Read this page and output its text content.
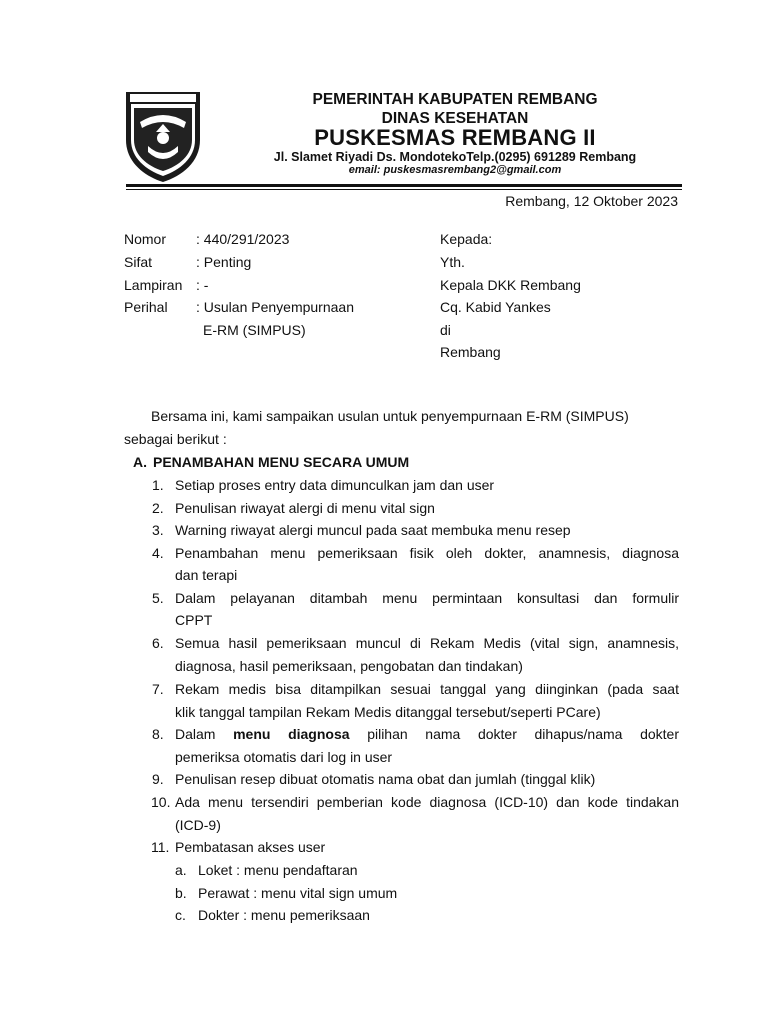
PEMERINTAH KABUPATEN REMBANG
DINAS KESEHATAN
PUSKESMAS REMBANG II
Jl. Slamet Riyadi Ds. MondotekoTelp.(0295) 691289 Rembang
email: puskesmasrembang2@gmail.com
Rembang, 12 Oktober 2023
Nomor : 440/291/2023
Sifat	: Penting
Lampiran : -
Perihal : Usulan Penyempurnaan
E-RM (SIMPUS)
Kepada:
Yth.
Kepala DKK Rembang
Cq. Kabid Yankes
di
Rembang
Bersama ini, kami sampaikan usulan untuk penyempurnaan E-RM (SIMPUS)
sebagai berikut :
A. PENAMBAHAN MENU SECARA UMUM
1. Setiap proses entry data dimunculkan jam dan user
2. Penulisan riwayat alergi di menu vital sign
3. Warning riwayat alergi muncul pada saat membuka menu resep
4. Penambahan menu pemeriksaan fisik oleh dokter, anamnesis, diagnosa
dan terapi
5. Dalam pelayanan ditambah menu permintaan konsultasi dan formulir
CPPT
6. Semua hasil pemeriksaan muncul di Rekam Medis (vital sign, anamnesis,
diagnosa, hasil pemeriksaan, pengobatan dan tindakan)
7. Rekam medis bisa ditampilkan sesuai tanggal yang diinginkan (pada saat
klik tanggal tampilan Rekam Medis ditanggal tersebut/seperti PCare)
8. Dalam menu diagnosa pilihan nama dokter dihapus/nama dokter
pemeriksa otomatis dari log in user
9. Penulisan resep dibuat otomatis nama obat dan jumlah (tinggal klik)
10. Ada menu tersendiri pemberian kode diagnosa (ICD-10) dan kode tindakan
(ICD-9)
11. Pembatasan akses user
a. Loket : menu pendaftaran
b. Perawat : menu vital sign umum
c. Dokter : menu pemeriksaan
